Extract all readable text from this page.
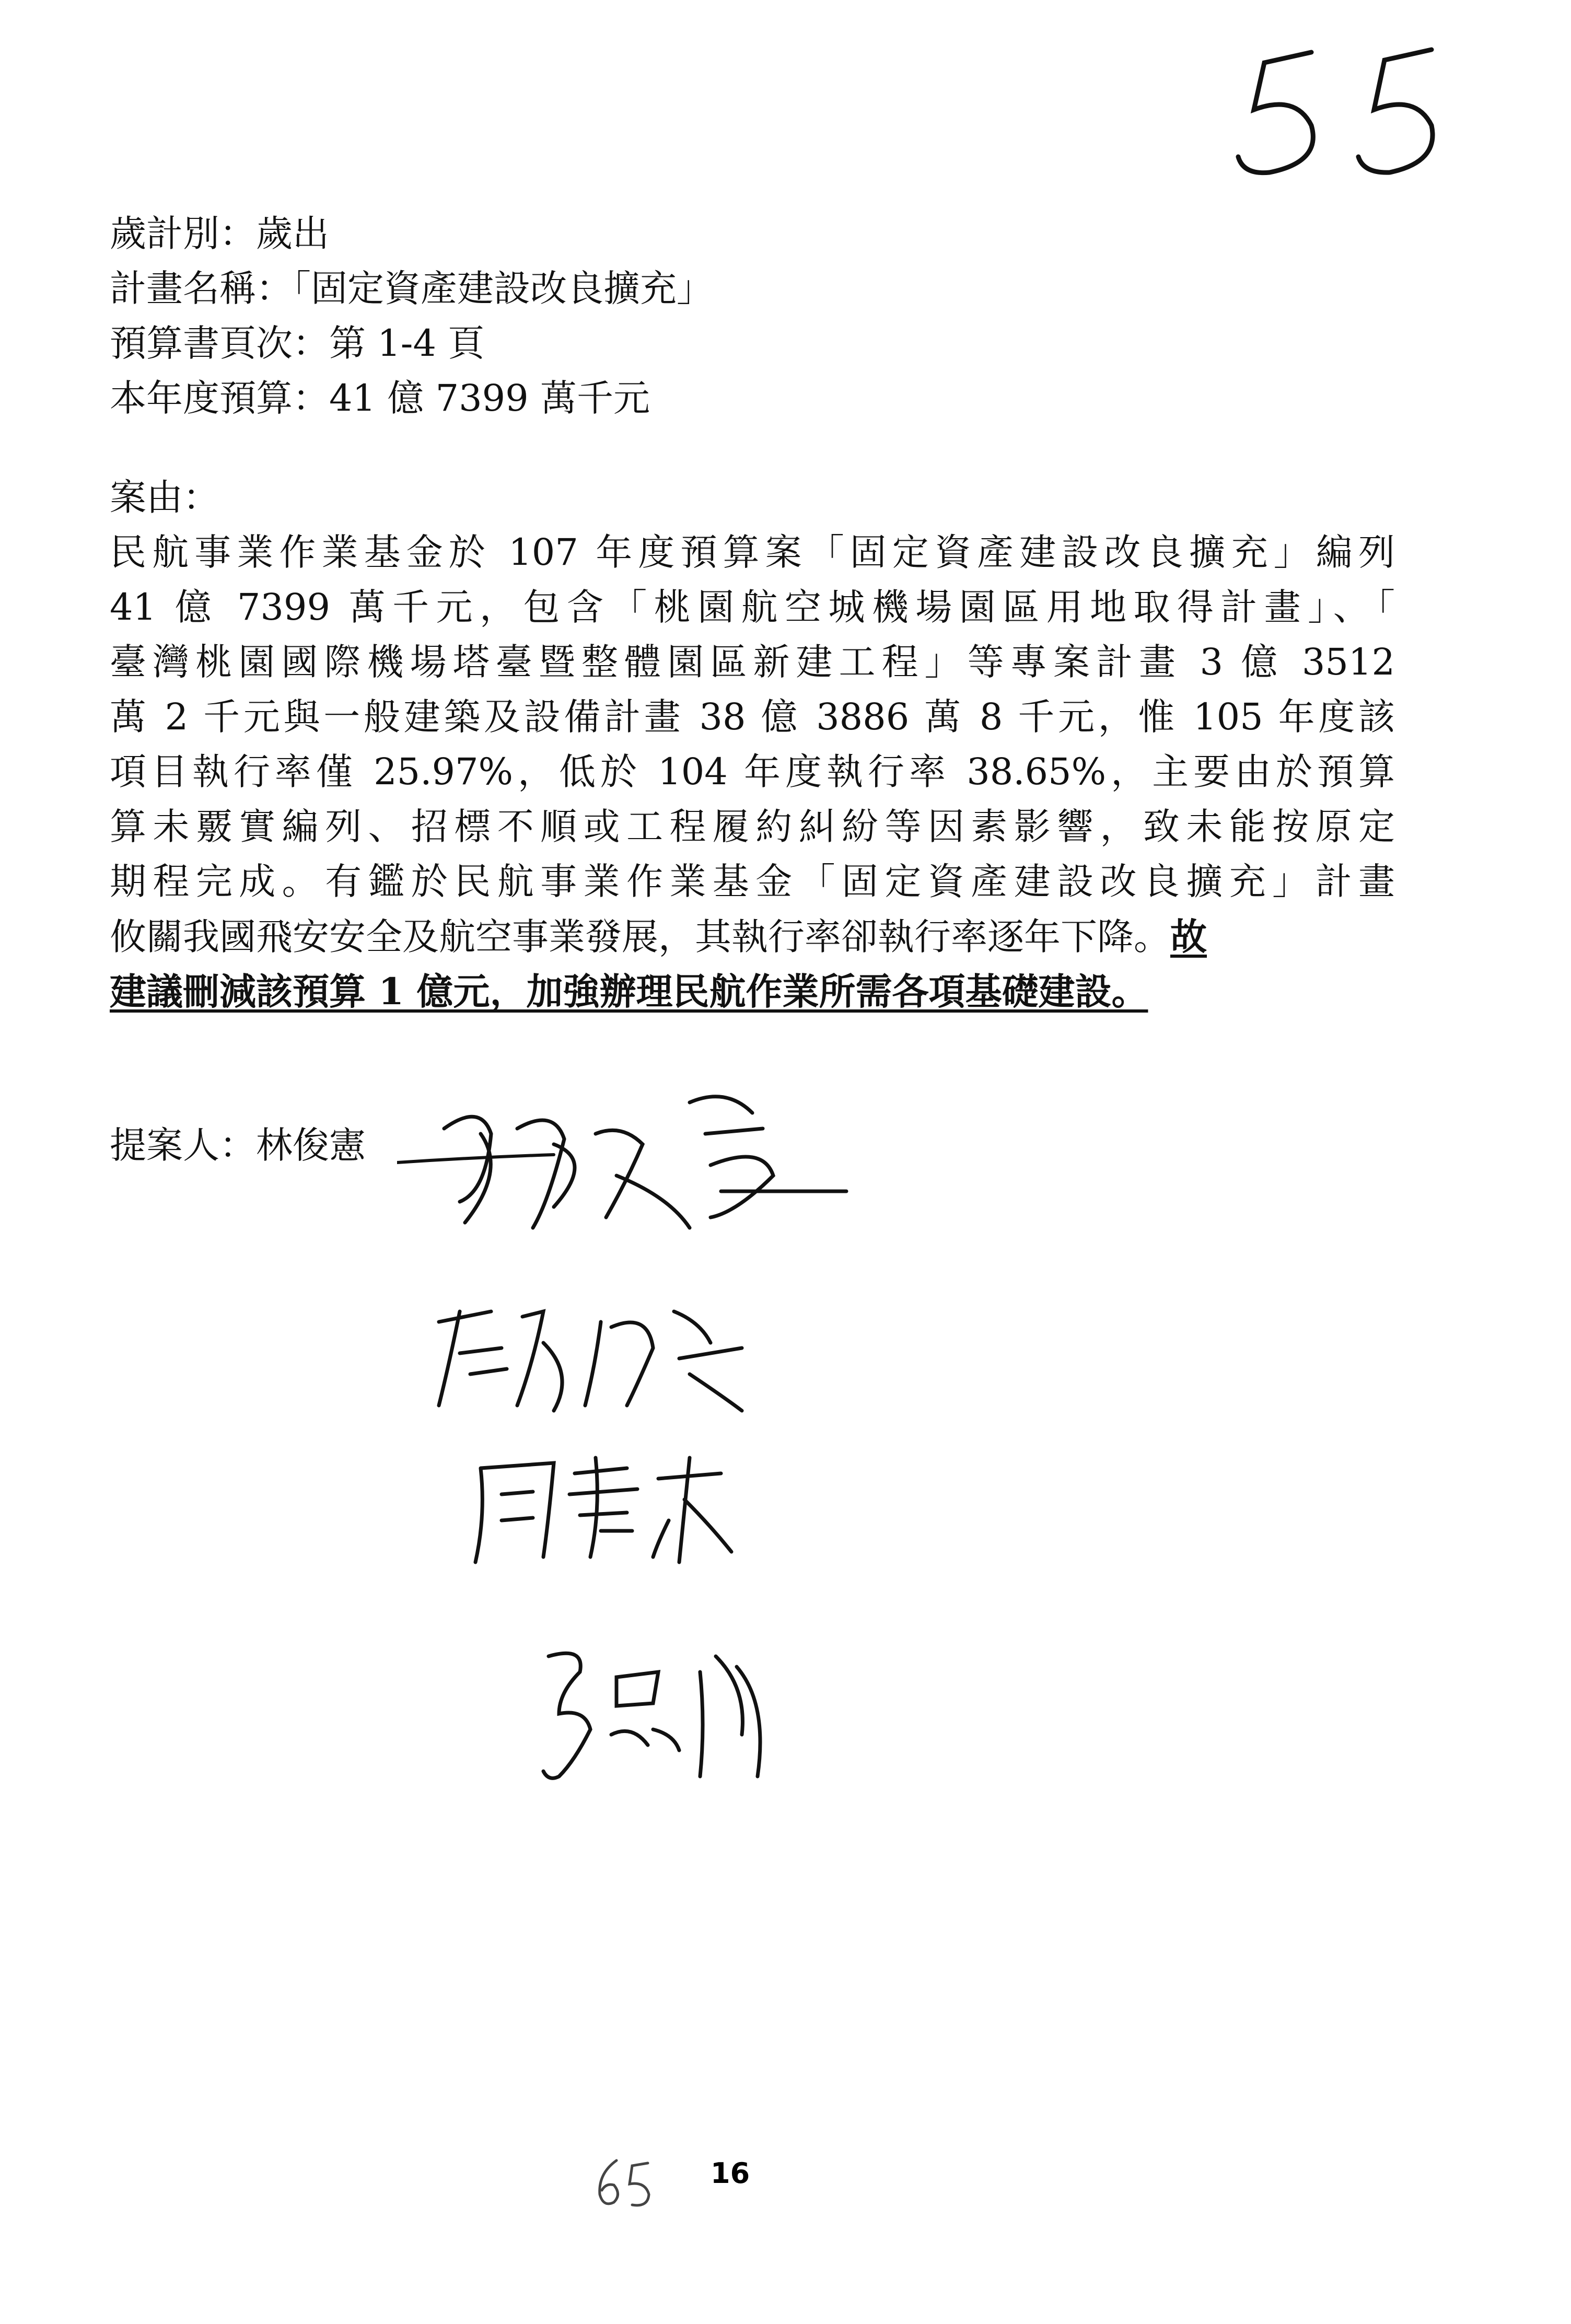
歲計別：歲出
計畫名稱：「固定資產建設改良擴充」
預算書頁次：第 1-4 頁
本年度預算：41 億 7399 萬千元
案由：
民航事業作業基金於 107 年度預算案「固定資產建設改良擴充」編列
41 億 7399 萬千元，包含「桃園航空城機場園區用地取得計畫」、「
臺灣桃園國際機場塔臺暨整體園區新建工程」等專案計畫 3 億 3512
萬 2 千元與一般建築及設備計畫 38 億 3886 萬 8 千元，惟 105 年度該
項目執行率僅 25.97%，低於 104 年度執行率 38.65%，主要由於預算
算未覈實編列、招標不順或工程履約糾紛等因素影響，致未能按原定
期程完成。有鑑於民航事業作業基金「固定資產建設改良擴充」計畫
攸關我國飛安安全及航空事業發展，其執行率卻執行率逐年下降。故
建議刪減該預算 1 億元，加強辦理民航作業所需各項基礎建設。
提案人：林俊憲
16
